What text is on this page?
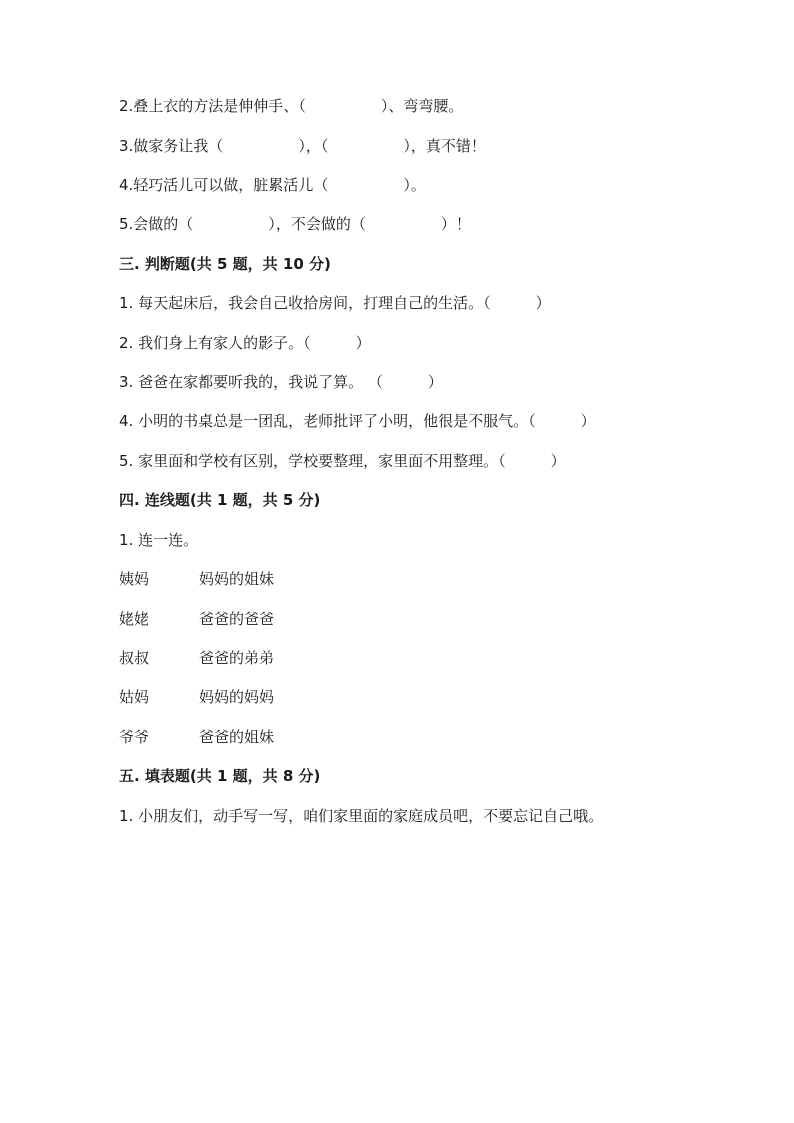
2.叠上衣的方法是伸伸手、（　　　　　）、弯弯腰。
3.做家务让我（　　　　　），（　　　　　），真不错！
4.轻巧活儿可以做，脏累活儿（　　　　　）。
5.会做的（　　　　　），不会做的（　　　　　）！
三. 判断题(共 5 题，共 10 分)
1. 每天起床后，我会自己收拾房间，打理自己的生活。（　　　）
2. 我们身上有家人的影子。（　　　）
3. 爸爸在家都要听我的，我说了算。 （　　　）
4. 小明的书桌总是一团乱，老师批评了小明，他很是不服气。（　　　）
5. 家里面和学校有区别，学校要整理，家里面不用整理。（　　　）
四. 连线题(共 1 题，共 5 分)
1. 连一连。
姨妈	妈妈的姐妹
姥姥	爸爸的爸爸
叔叔	爸爸的弟弟
姑妈	妈妈的妈妈
爷爷	爸爸的姐妹
五. 填表题(共 1 题，共 8 分)
1. 小朋友们，动手写一写，咱们家里面的家庭成员吧，不要忘记自己哦。
